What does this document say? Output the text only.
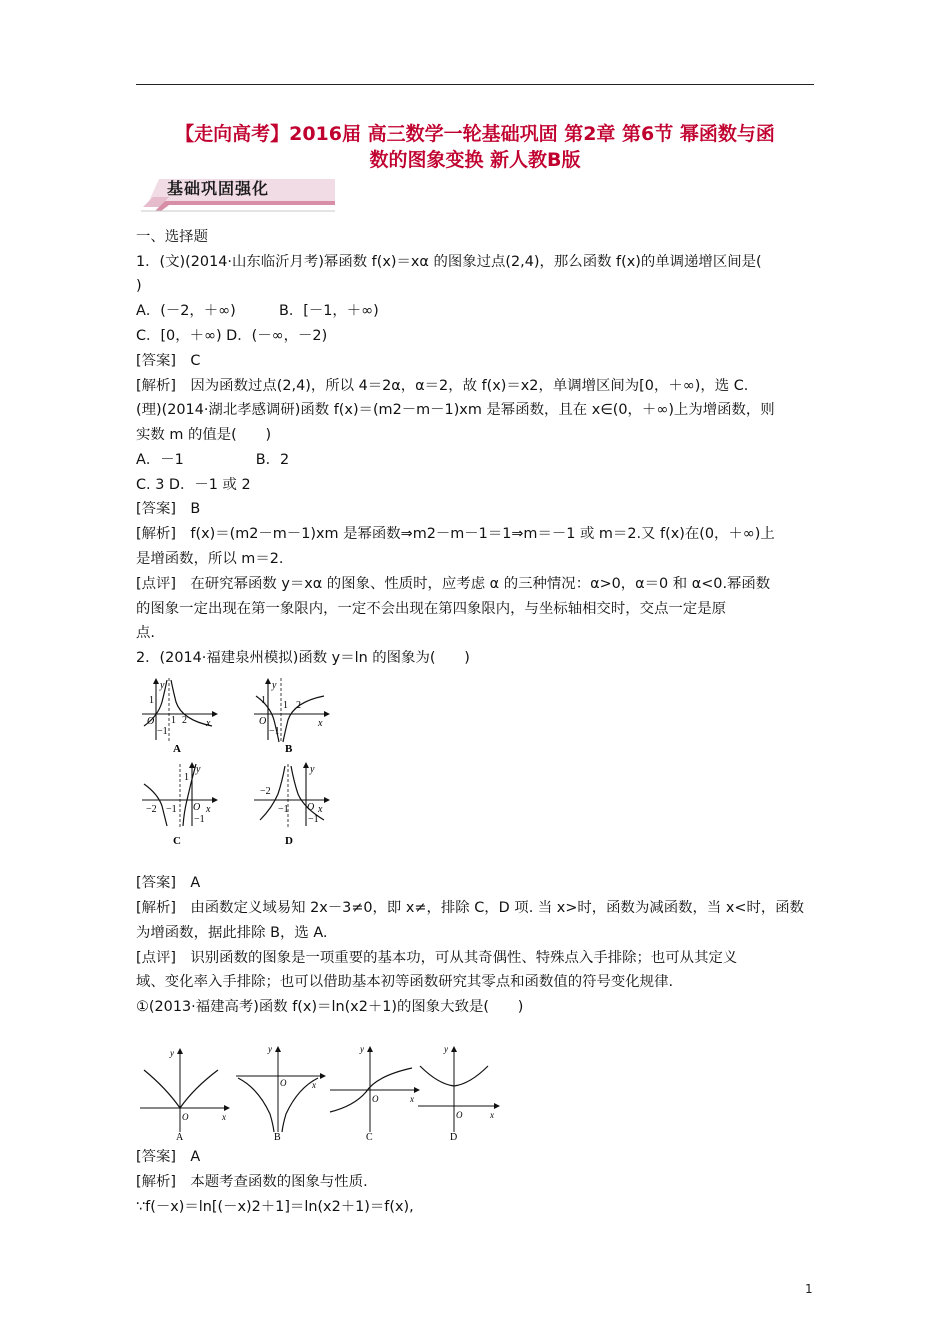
【走向高考】2016届 高三数学一轮基础巩固 第2章 第6节 幂函数与函
数的图象变换 新人教B版
基础巩固强化
一、选择题
1．(文)(2014·山东临沂月考)幂函数 f(x)＝xα 的图象过点(2,4)，那么函数 f(x)的单调递增区间是(
)
A．(－2，＋∞)　　　B．[－1，＋∞)
C．[0，＋∞) D．(－∞，－2)
[答案]　C
[解析]　因为函数过点(2,4)，所以 4＝2α，α＝2，故 f(x)＝x2，单调增区间为[0，＋∞)，选 C.
(理)(2014·湖北孝感调研)函数 f(x)＝(m2－m－1)xm 是幂函数，且在 x∈(0，＋∞)上为增函数，则
实数 m 的值是(　　)
A．－1　　　　　B．2
C. 3 D．－1 或 2
[答案]　B
[解析]　f(x)＝(m2－m－1)xm 是幂函数⇒m2－m－1＝1⇒m＝－1 或 m＝2.又 f(x)在(0，＋∞)上
是增函数，所以 m＝2.
[点评]　在研究幂函数 y＝xα 的图象、性质时，应考虑 α 的三种情况：α>0，α＝0 和 α<0.幂函数
的图象一定出现在第一象限内，一定不会出现在第四象限内，与坐标轴相交时，交点一定是原
点.
2．(2014·福建泉州模拟)函数 y＝ln 的图象为(　　)
y
x
O
1
1 2
−1
A
y
x
O
1 1 2
−1
B
y
x
O
1
−2 −1
−1
C
y
x
O
−2
−1
−1
D
[答案]　A
[解析]　由函数定义域易知 2x－3≠0，即 x≠，排除 C，D 项. 当 x>时，函数为减函数，当 x<时，函数
为增函数，据此排除 B，选 A.
[点评]　识别函数的图象是一项重要的基本功，可从其奇偶性、特殊点入手排除；也可从其定义
域、变化率入手排除；也可以借助基本初等函数研究其零点和函数值的符号变化规律.
①(2013·福建高考)函数 f(x)＝ln(x2＋1)的图象大致是(　　)
y
x
O
A
y
x
O
B
y
x
O
C
y
x
O
D
[答案]　A
[解析]　本题考查函数的图象与性质.
∵f(－x)＝ln[(－x)2＋1]＝ln(x2＋1)＝f(x),
1
